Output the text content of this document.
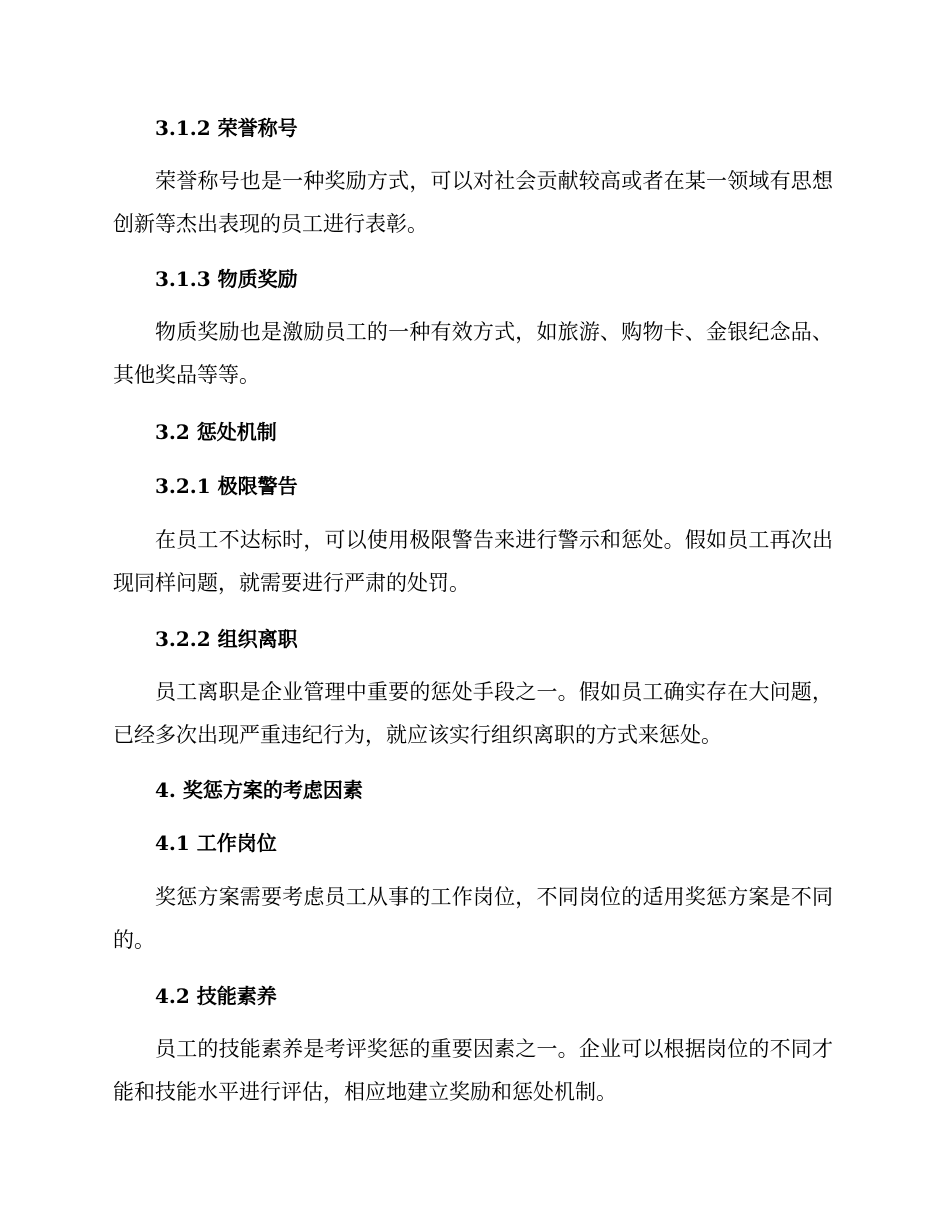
3.1.2 荣誉称号

荣誉称号也是一种奖励方式，可以对社会贡献较高或者在某一领域有思想创新等杰出表现的员工进行表彰。

3.1.3 物质奖励

物质奖励也是激励员工的一种有效方式，如旅游、购物卡、金银纪念品、其他奖品等等。

3.2 惩处机制
3.2.1 极限警告

在员工不达标时，可以使用极限警告来进行警示和惩处。假如员工再次出现同样问题，就需要进行严肃的处罚。

3.2.2 组织离职

员工离职是企业管理中重要的惩处手段之一。假如员工确实存在大问题，已经多次出现严重违纪行为，就应该实行组织离职的方式来惩处。

4. 奖惩方案的考虑因素
4.1 工作岗位

奖惩方案需要考虑员工从事的工作岗位，不同岗位的适用奖惩方案是不同的。

4.2 技能素养

员工的技能素养是考评奖惩的重要因素之一。企业可以根据岗位的不同才能和技能水平进行评估，相应地建立奖励和惩处机制。
